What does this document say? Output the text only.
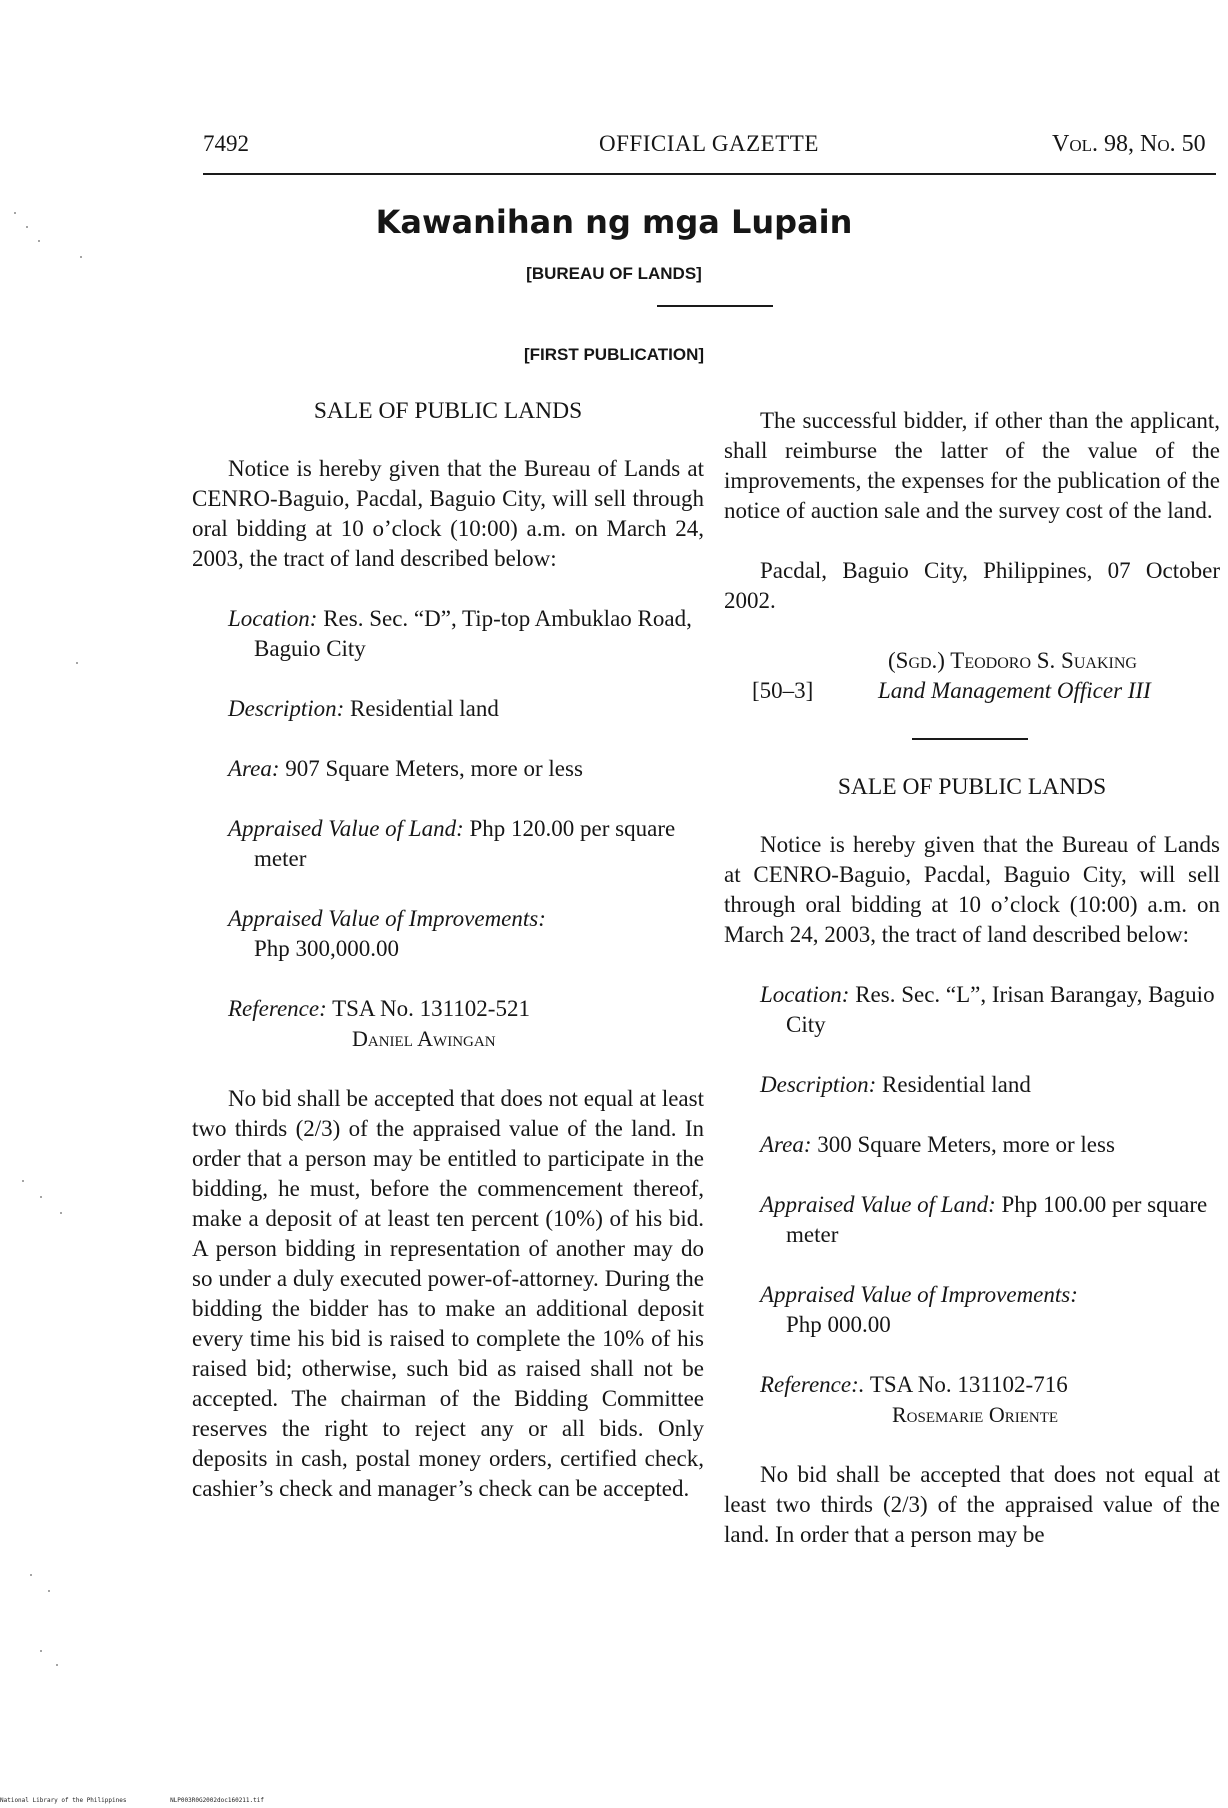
7492	OFFICIAL GAZETTE	Vol. 98, No. 50
Kawanihan ng mga Lupain
[BUREAU OF LANDS]
[FIRST PUBLICATION]

SALE OF PUBLIC LANDS

Notice is hereby given that the Bureau of Lands at CENRO-Baguio, Pacdal, Baguio City, will sell through oral bidding at 10 o’clock (10:00) a.m. on March 24, 2003, the tract of land described below:

Location: Res. Sec. “D”, Tip-top Ambuklao Road, Baguio City

Description: Residential land

Area: 907 Square Meters, more or less

Appraised Value of Land: Php 120.00 per square meter

Appraised Value of Improvements:
Php 300,000.00

Reference: TSA No. 131102-521
Daniel Awingan

No bid shall be accepted that does not equal at least two thirds (2/3) of the appraised value of the land. In order that a person may be entitled to participate in the bidding, he must, before the commencement thereof, make a deposit of at least ten percent (10%) of his bid. A person bidding in representation of another may do so under a duly executed power-of-attorney. During the bidding the bidder has to make an additional deposit every time his bid is raised to complete the 10% of his raised bid; otherwise, such bid as raised shall not be accepted. The chairman of the Bidding Committee reserves the right to reject any or all bids. Only deposits in cash, postal money orders, certified check, cashier’s check and manager’s check can be accepted.

The successful bidder, if other than the applicant, shall reimburse the latter of the value of the improvements, the expenses for the publication of the notice of auction sale and the survey cost of the land.

Pacdal, Baguio City, Philippines, 07 October 2002.

(Sgd.) Teodoro S. Suaking
[50–3]	Land Management Officer III

SALE OF PUBLIC LANDS

Notice is hereby given that the Bureau of Lands at CENRO-Baguio, Pacdal, Baguio City, will sell through oral bidding at 10 o’clock (10:00) a.m. on March 24, 2003, the tract of land described below:

Location: Res. Sec. “L”, Irisan Barangay, Baguio City

Description: Residential land

Area: 300 Square Meters, more or less

Appraised Value of Land: Php 100.00 per square meter

Appraised Value of Improvements:
Php 000.00

Reference:. TSA No. 131102-716
Rosemarie Oriente

No bid shall be accepted that does not equal at least two thirds (2/3) of the appraised value of the land. In order that a person may be

National Library of the Philippines	NLP003R0G2002doc160211.tif
